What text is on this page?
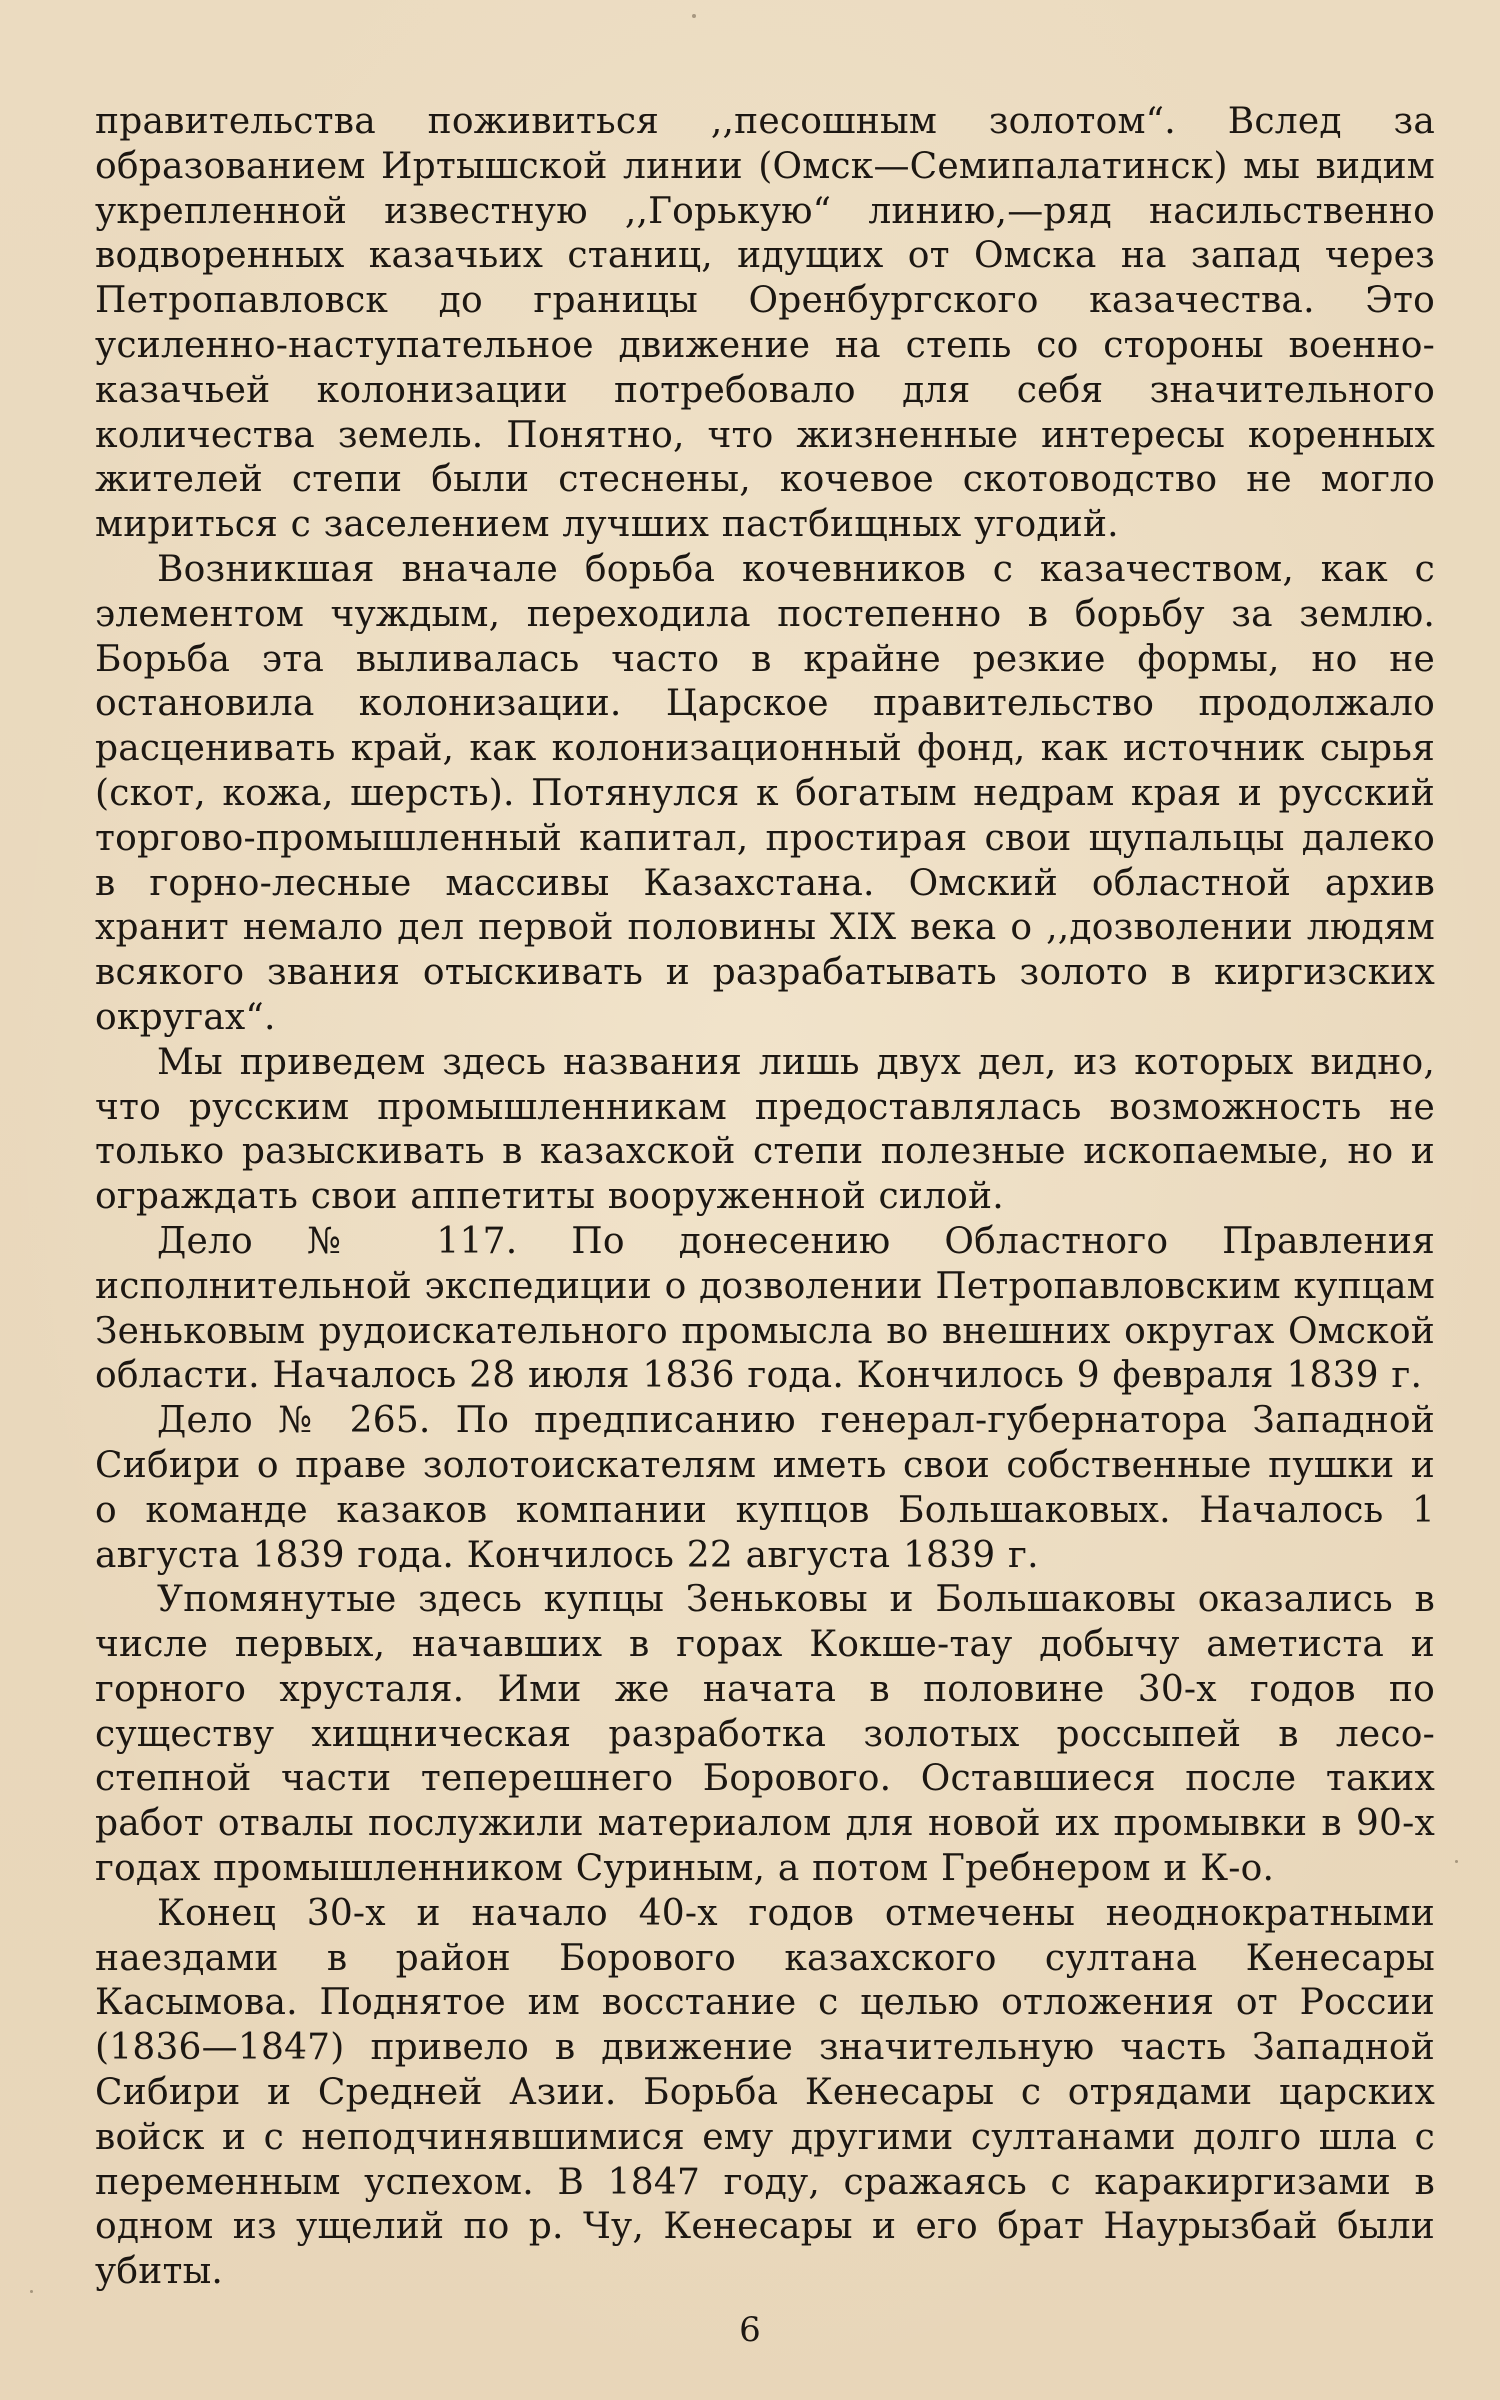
правительства поживиться ,,песошным золотом“. Вслед за образованием Иртышской линии (Омск—Семипалатинск) мы видим укрепленной известную ,,Горькую“ линию,—ряд насильственно водворенных казачьих станиц, идущих от Омска на запад через Петропавловск до границы Оренбургского казачества. Это усиленно-наступательное движение на степь со стороны военно-казачьей колонизации потребовало для себя значительного количества земель. Понятно, что жизненные интересы коренных жителей степи были стеснены, кочевое скотоводство не могло мириться с заселением лучших пастбищных угодий.

Возникшая вначале борьба кочевников с казачеством, как с элементом чуждым, переходила постепенно в борьбу за землю. Борьба эта выливалась часто в крайне резкие формы, но не остановила колонизации. Царское правительство продолжало расценивать край, как колонизационный фонд, как источник сырья (скот, кожа, шерсть). Потянулся к богатым недрам края и русский торгово-промышленный капитал, простирая свои щупальцы далеко в горно-лесные массивы Казахстана. Омский областной архив хранит немало дел первой половины XIX века о ,,дозволении людям всякого звания отыскивать и разрабатывать золото в киргизских округах“.

Мы приведем здесь названия лишь двух дел, из которых видно, что русским промышленникам предоставлялась возможность не только разыскивать в казахской степи полезные ископаемые, но и ограждать свои аппетиты вооруженной силой.

Дело № 117. По донесению Областного Правления исполнительной экспедиции о дозволении Петропавловским купцам Зеньковым рудоискательного промысла во внешних округах Омской области. Началось 28 июля 1836 года. Кончилось 9 февраля 1839 г.

Дело № 265. По предписанию генерал-губернатора Западной Сибири о праве золотоискателям иметь свои собственные пушки и о команде казаков компании купцов Большаковых. Началось 1 августа 1839 года. Кончилось 22 августа 1839 г.

Упомянутые здесь купцы Зеньковы и Большаковы оказались в числе первых, начавших в горах Кокше-тау добычу аметиста и горного хрусталя. Ими же начата в половине 30-х годов по существу хищническая разработка золотых россыпей в лесо-степной части теперешнего Борового. Оставшиеся после таких работ отвалы послужили материалом для новой их промывки в 90-х годах промышленником Суриным, а потом Гребнером и К-о.

Конец 30-х и начало 40-х годов отмечены неоднократными наездами в район Борового казахского султана Кенесары Касымова. Поднятое им восстание с целью отложения от России (1836—1847) привело в движение значительную часть Западной Сибири и Средней Азии. Борьба Кенесары с отрядами царских войск и с неподчинявшимися ему другими султанами долго шла с переменным успехом. В 1847 году, сражаясь с каракиргизами в одном из ущелий по р. Чу, Кенесары и его брат Наурызбай были убиты.

6
